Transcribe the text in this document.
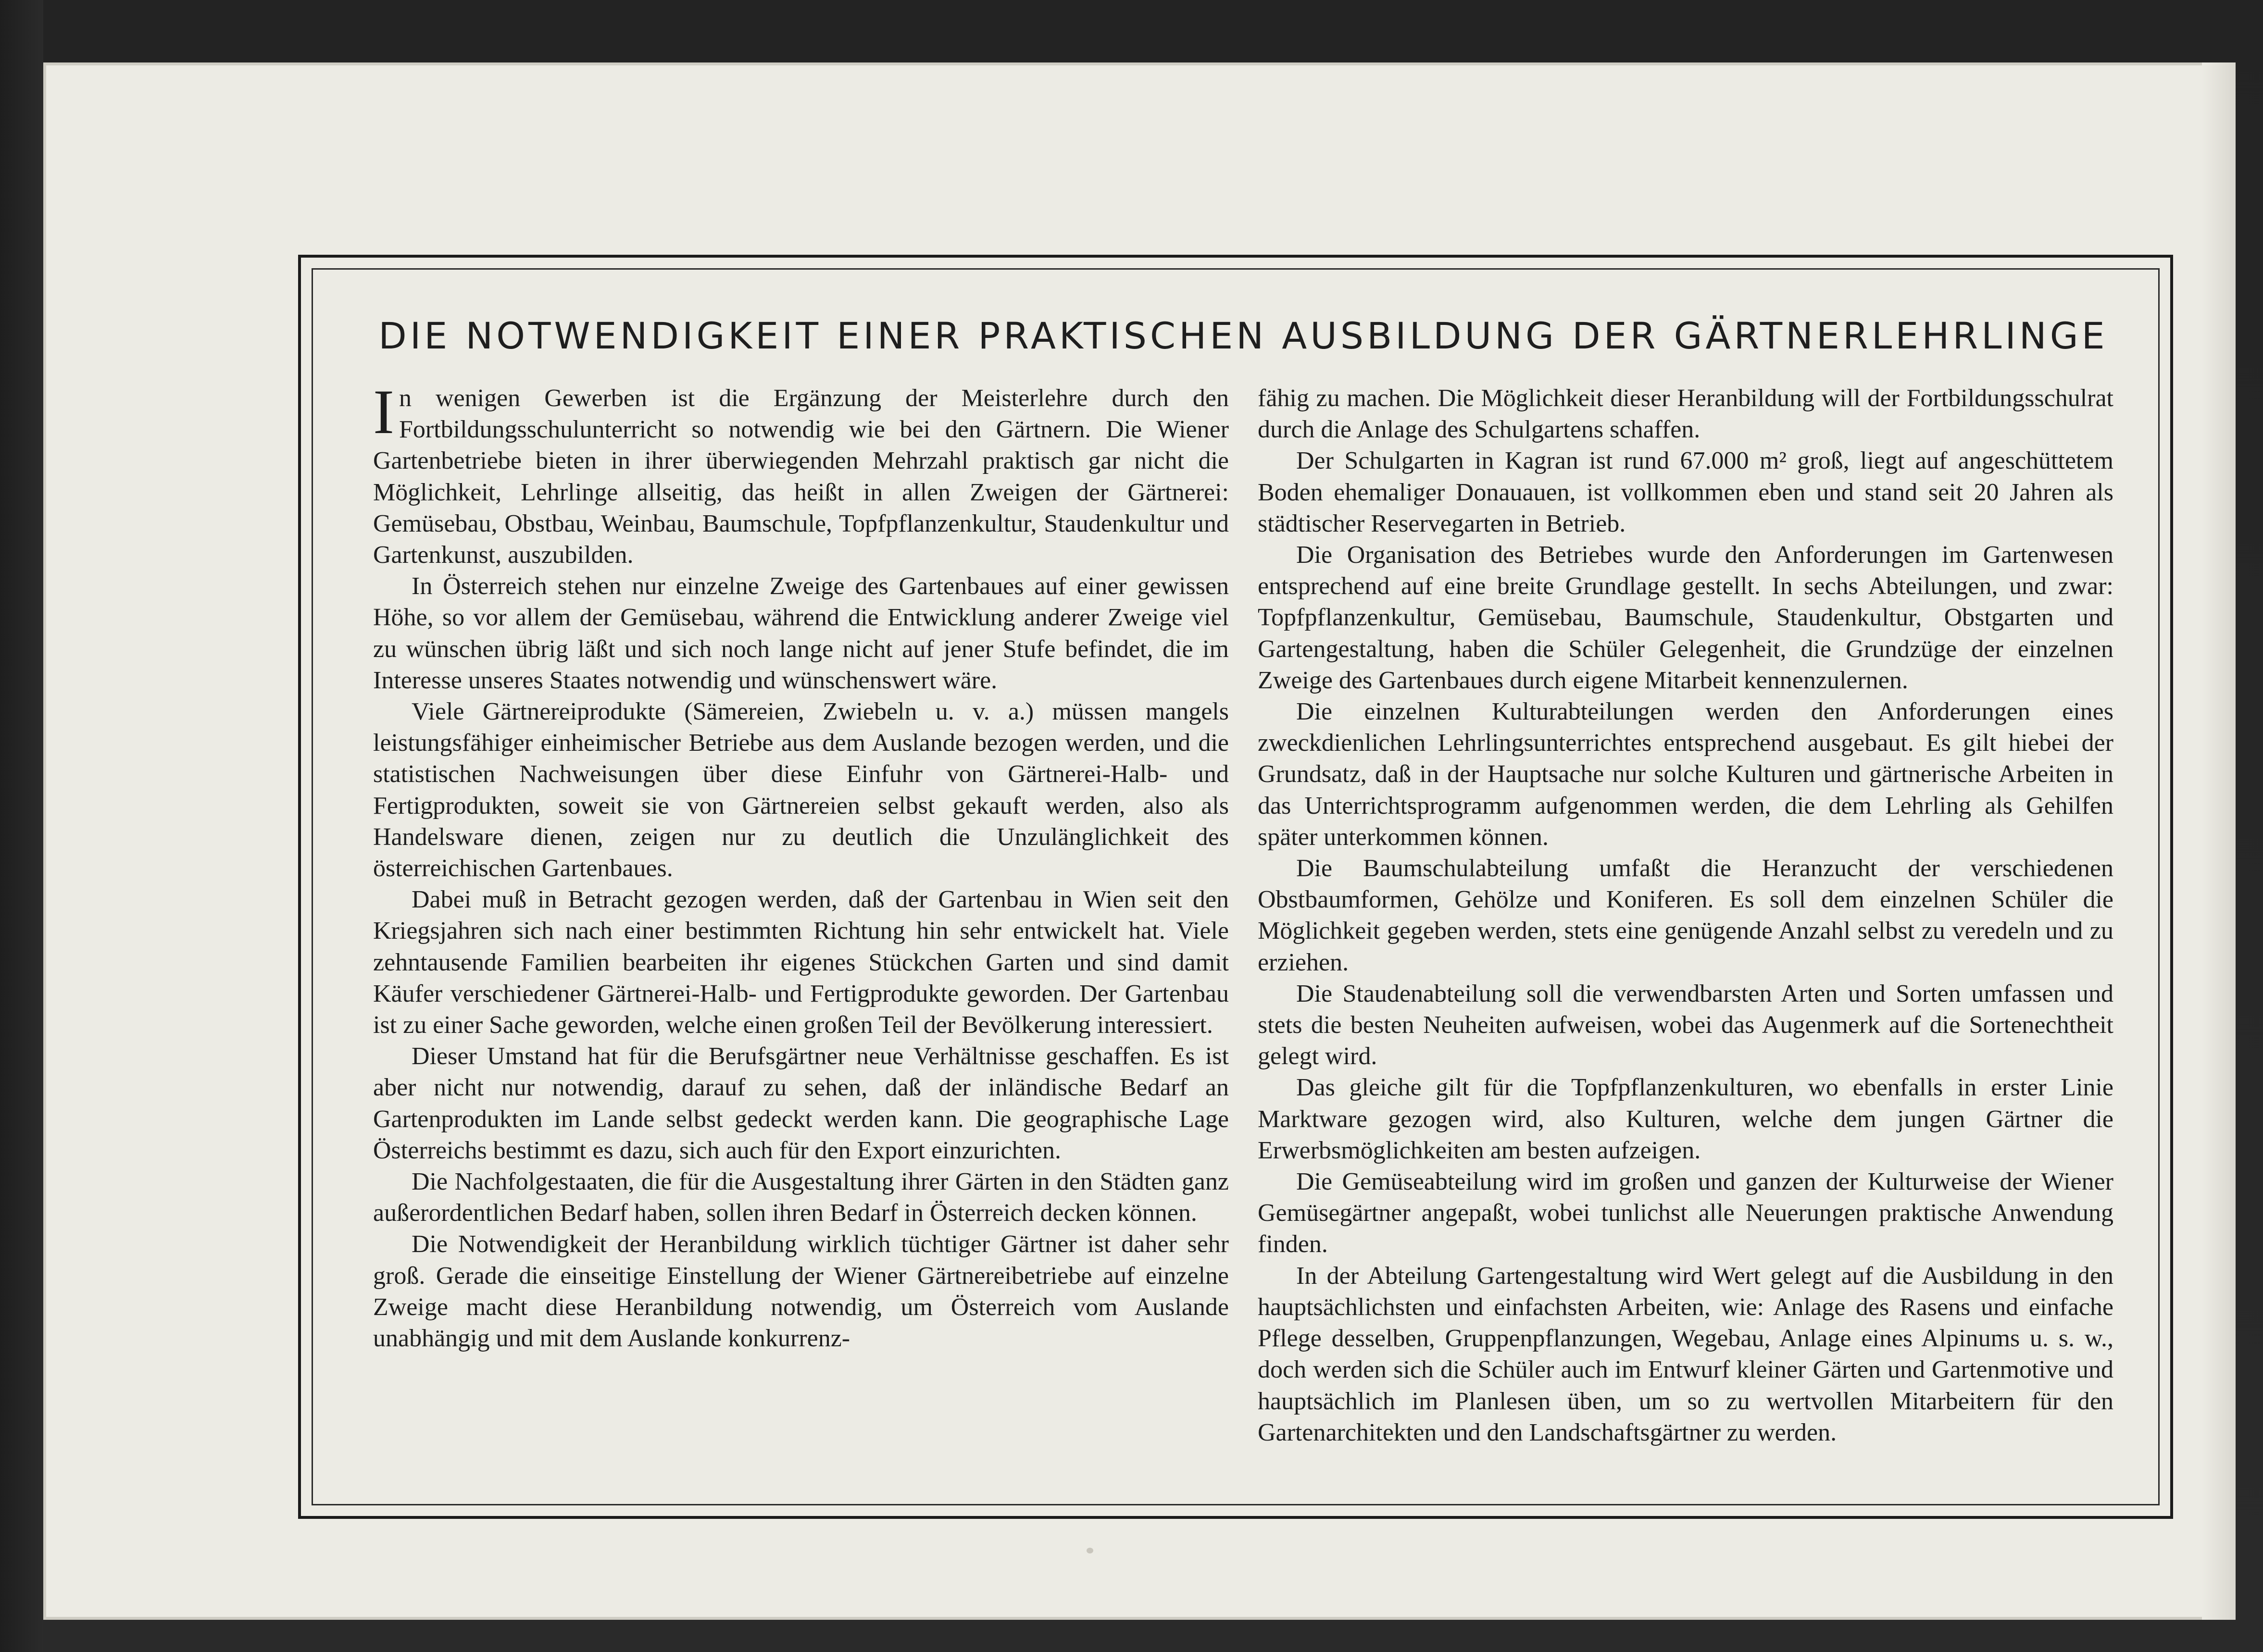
DIE NOTWENDIGKEIT EINER PRAKTISCHEN AUSBILDUNG DER GÄRTNERLEHRLINGE

In wenigen Gewerben ist die Ergänzung der Meisterlehre durch den Fortbildungsschulunterricht so notwendig wie bei den Gärtnern. Die Wiener Gartenbetriebe bieten in ihrer überwiegenden Mehrzahl praktisch gar nicht die Möglichkeit, Lehrlinge allseitig, das heißt in allen Zweigen der Gärtnerei: Gemüsebau, Obstbau, Weinbau, Baumschule, Topfpflanzenkultur, Staudenkultur und Gartenkunst, auszubilden.

In Österreich stehen nur einzelne Zweige des Gartenbaues auf einer gewissen Höhe, so vor allem der Gemüsebau, während die Entwicklung anderer Zweige viel zu wünschen übrig läßt und sich noch lange nicht auf jener Stufe befindet, die im Interesse unseres Staates notwendig und wünschenswert wäre.

Viele Gärtnereiprodukte (Sämereien, Zwiebeln u. v. a.) müssen mangels leistungsfähiger einheimischer Betriebe aus dem Auslande bezogen werden, und die statistischen Nachweisungen über diese Einfuhr von Gärtnerei-Halb- und Fertigprodukten, soweit sie von Gärtnereien selbst gekauft werden, also als Handelsware dienen, zeigen nur zu deutlich die Unzulänglichkeit des österreichischen Gartenbaues.

Dabei muß in Betracht gezogen werden, daß der Gartenbau in Wien seit den Kriegsjahren sich nach einer bestimmten Richtung hin sehr entwickelt hat. Viele zehntausende Familien bearbeiten ihr eigenes Stückchen Garten und sind damit Käufer verschiedener Gärtnerei-Halb- und Fertigprodukte geworden. Der Gartenbau ist zu einer Sache geworden, welche einen großen Teil der Bevölkerung interessiert.

Dieser Umstand hat für die Berufsgärtner neue Verhältnisse geschaffen. Es ist aber nicht nur notwendig, darauf zu sehen, daß der inländische Bedarf an Gartenprodukten im Lande selbst gedeckt werden kann. Die geographische Lage Österreichs bestimmt es dazu, sich auch für den Export einzurichten.

Die Nachfolgestaaten, die für die Ausgestaltung ihrer Gärten in den Städten ganz außerordentlichen Bedarf haben, sollen ihren Bedarf in Österreich decken können.

Die Notwendigkeit der Heranbildung wirklich tüchtiger Gärtner ist daher sehr groß. Gerade die einseitige Einstellung der Wiener Gärtnereibetriebe auf einzelne Zweige macht diese Heranbildung notwendig, um Österreich vom Auslande unabhängig und mit dem Auslande konkurrenz-

fähig zu machen. Die Möglichkeit dieser Heranbildung will der Fortbildungsschulrat durch die Anlage des Schulgartens schaffen.

Der Schulgarten in Kagran ist rund 67.000 m² groß, liegt auf angeschüttetem Boden ehemaliger Donauauen, ist vollkommen eben und stand seit 20 Jahren als städtischer Reservegarten in Betrieb.

Die Organisation des Betriebes wurde den Anforderungen im Gartenwesen entsprechend auf eine breite Grundlage gestellt. In sechs Abteilungen, und zwar: Topfpflanzenkultur, Gemüsebau, Baumschule, Staudenkultur, Obstgarten und Gartengestaltung, haben die Schüler Gelegenheit, die Grundzüge der einzelnen Zweige des Gartenbaues durch eigene Mitarbeit kennenzulernen.

Die einzelnen Kulturabteilungen werden den Anforderungen eines zweckdienlichen Lehrlingsunterrichtes entsprechend ausgebaut. Es gilt hiebei der Grundsatz, daß in der Hauptsache nur solche Kulturen und gärtnerische Arbeiten in das Unterrichtsprogramm aufgenommen werden, die dem Lehrling als Gehilfen später unterkommen können.

Die Baumschulabteilung umfaßt die Heranzucht der verschiedenen Obstbaumformen, Gehölze und Koniferen. Es soll dem einzelnen Schüler die Möglichkeit gegeben werden, stets eine genügende Anzahl selbst zu veredeln und zu erziehen.

Die Staudenabteilung soll die verwendbarsten Arten und Sorten umfassen und stets die besten Neuheiten aufweisen, wobei das Augenmerk auf die Sortenechtheit gelegt wird.

Das gleiche gilt für die Topfpflanzenkulturen, wo ebenfalls in erster Linie Marktware gezogen wird, also Kulturen, welche dem jungen Gärtner die Erwerbsmöglichkeiten am besten aufzeigen.

Die Gemüseabteilung wird im großen und ganzen der Kulturweise der Wiener Gemüsegärtner angepaßt, wobei tunlichst alle Neuerungen praktische Anwendung finden.

In der Abteilung Gartengestaltung wird Wert gelegt auf die Ausbildung in den hauptsächlichsten und einfachsten Arbeiten, wie: Anlage des Rasens und einfache Pflege desselben, Gruppenpflanzungen, Wegebau, Anlage eines Alpinums u. s. w., doch werden sich die Schüler auch im Entwurf kleiner Gärten und Gartenmotive und hauptsächlich im Planlesen üben, um so zu wertvollen Mitarbeitern für den Gartenarchitekten und den Landschaftsgärtner zu werden.
